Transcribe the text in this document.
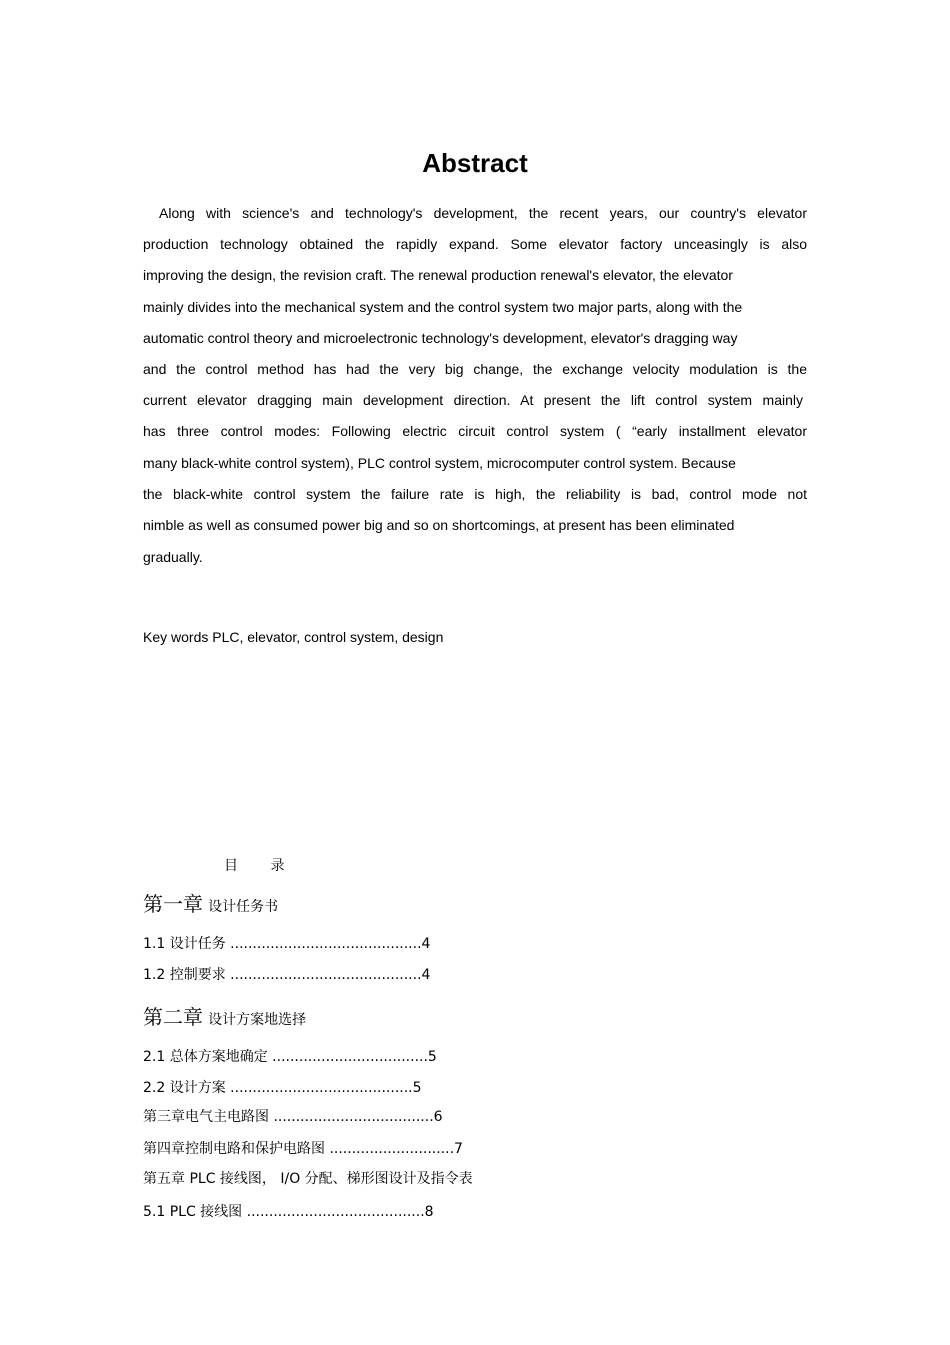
Abstract
Along with science's and technology's development, the recent years, our country's elevator
production technology obtained the rapidly expand. Some elevator factory unceasingly is also
improving the design, the revision craft. The renewal production renewal's elevator, the elevator
mainly divides into the mechanical system and the control system two major parts, along with the
automatic control theory and microelectronic technology's development, elevator's dragging way
and the control method has had the very big change, the exchange velocity modulation is the
current elevator dragging main development direction. At present the lift control system mainly
has three control modes: Following electric circuit control system ( “early installment elevator
many black-white control system), PLC control system, microcomputer control system. Because
the black-white control system the failure rate is high, the reliability is bad, control mode not
nimble as well as consumed power big and so on shortcomings, at present has been eliminated
gradually.
Key words PLC, elevator, control system, design
目 录
第一章 设计任务书
1.1 设计任务 ...........................................4
1.2 控制要求 ...........................................4
第二章 设计方案地选择
2.1 总体方案地确定 ...................................5
2.2 设计方案 .........................................5
第三章电气主电路图 ....................................6
第四章控制电路和保护电路图 ............................7
第五章 PLC 接线图， I/O 分配、梯形图设计及指令表
5.1 PLC 接线图 ........................................8
